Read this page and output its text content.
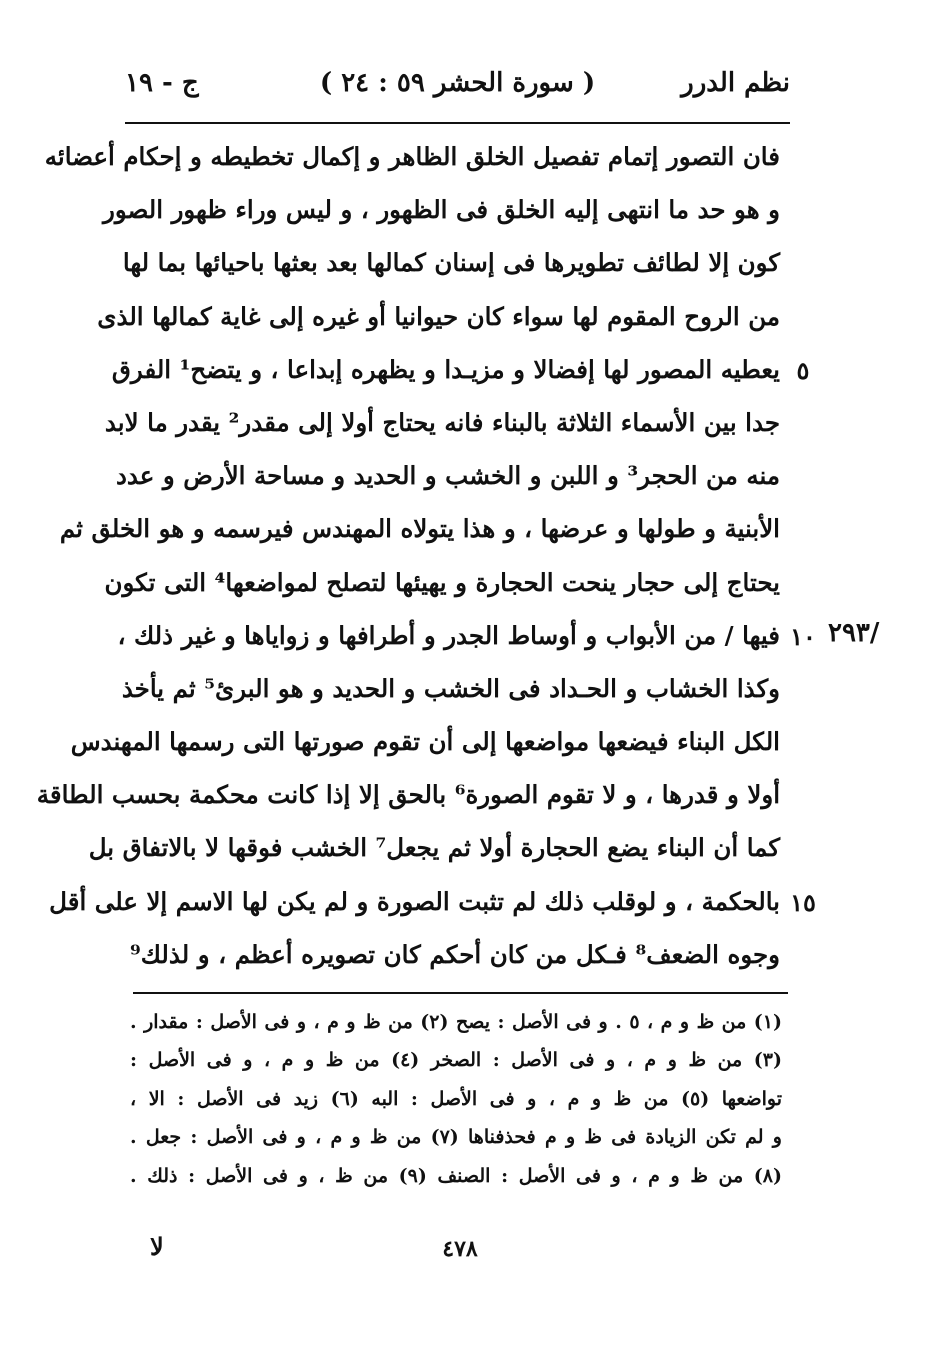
نظم الدرر
( سورة الحشر ٥٩ : ٢٤ )
ج - ١٩
فان التصور إتمام تفصيل الخلق الظاهر و إكمال تخطيطه و إحكام أعضائه
و هو حد ما انتهى إليه الخلق فى الظهور ، و ليس وراء ظهور الصور
كون إلا لطائف تطويرها فى إسنان كمالها بعد بعثها باحيائها بما لها
من الروح المقوم لها سواء كان حيوانيا أو غيره إلى غاية كمالها الذى
يعطيه المصور لها إفضالا و مزيـدا و يظهره إبداعا ، و يتضح¹ الفرق
جدا بين الأسماء الثلاثة بالبناء فانه يحتاج أولا إلى مقدر² يقدر ما لابد
منه من الحجر³ و اللبن و الخشب و الحديد و مساحة الأرض و عدد
الأبنية و طولها و عرضها ، و هذا يتولاه المهندس فيرسمه و هو الخلق ثم
يحتاج إلى حجار ينحت الحجارة و يهيئها لتصلح لمواضعها⁴ التى تكون
فيها / من الأبواب و أوساط الجدر و أطرافها و زواياها و غير ذلك ،
وكذا الخشاب و الحـداد فى الخشب و الحديد و هو البرئ⁵ ثم يأخذ
الكل البناء فيضعها مواضعها إلى أن تقوم صورتها التى رسمها المهندس
أولا و قدرها ، و لا تقوم الصورة⁶ بالحق إلا إذا كانت محكمة بحسب الطاقة
كما أن البناء يضع الحجارة أولا ثم يجعل⁷ الخشب فوقها لا بالاتفاق بل
بالحكمة ، و لوقلب ذلك لم تثبت الصورة و لم يكن لها الاسم إلا على أقل
وجوه الضعف⁸ فـكل من كان أحكم كان تصويره أعظم ، و لذلك⁹
٥
١٠
١٥
/٢٩٣
(١) من ظ و م ، ٥ . و فى الأصل : يصح (٢) من ظ و م ، و فى الأصل : مقدار .
(٣) من ظ و م ، و فى الأصل : الصخر (٤) من ظ و م ، و فى الأصل :
تواضعها (٥) من ظ و م ، و فى الأصل : البه (٦) زيد فى الأصل : الا ،
و لم تكن الزيادة فى ظ و م فحذفناها (٧) من ظ و م ، و فى الأصل : جعل .
(٨) من ظ و م ، و فى الأصل : الصنف (٩) من ظ ، و فى الأصل : ذلك .
لا	٤٧٨
